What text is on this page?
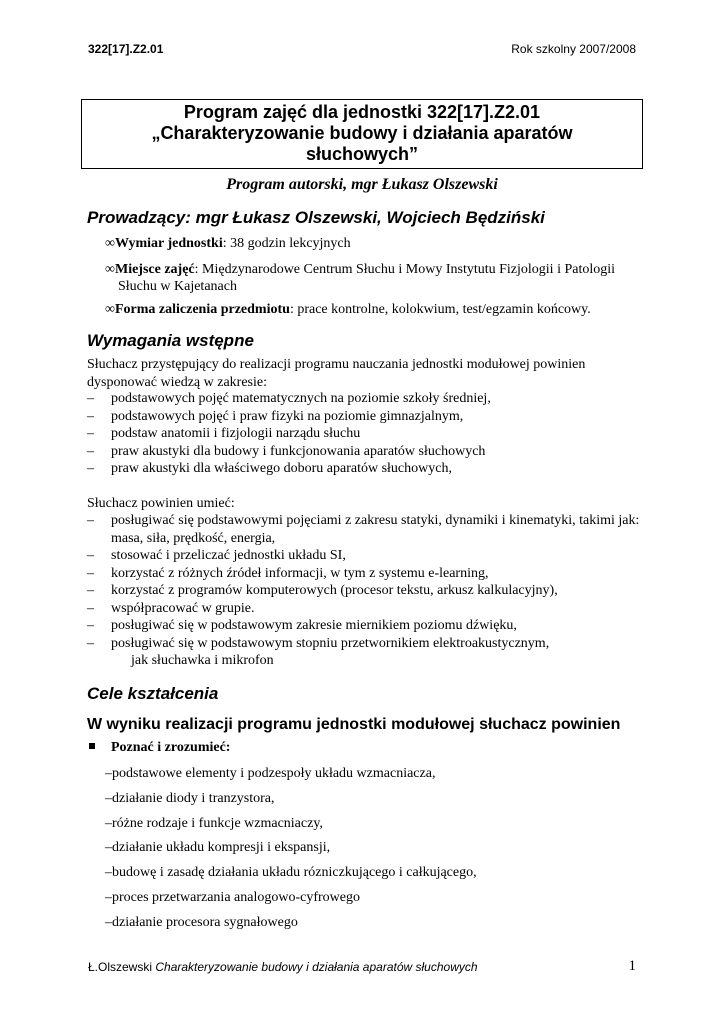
322[17].Z2.01	Rok szkolny 2007/2008
Program zajęć dla jednostki 322[17].Z2.01
„Charakteryzowanie budowy i działania aparatów
słuchowych”
Program autorski, mgr Łukasz Olszewski
Prowadzący: mgr Łukasz Olszewski, Wojciech Będziński
∞Wymiar jednostki: 38 godzin lekcyjnych
∞Miejsce zajęć: Międzynarodowe Centrum Słuchu i Mowy Instytutu Fizjologii i Patologii Słuchu w Kajetanach
∞Forma zaliczenia przedmiotu: prace kontrolne, kolokwium, test/egzamin końcowy.
Wymagania wstępne
Słuchacz przystępujący do realizacji programu nauczania jednostki modułowej powinien dysponować wiedzą w zakresie:
– podstawowych pojęć matematycznych na poziomie szkoły średniej,
– podstawowych pojęć i praw fizyki na poziomie gimnazjalnym,
– podstaw anatomii i fizjologii narządu słuchu
– praw akustyki dla budowy i funkcjonowania aparatów słuchowych
– praw akustyki dla właściwego doboru aparatów słuchowych,
Słuchacz powinien umieć:
– posługiwać się podstawowymi pojęciami z zakresu statyki, dynamiki i kinematyki, takimi jak: masa, siła, prędkość, energia,
– stosować i przeliczać jednostki układu SI,
– korzystać z różnych źródeł informacji, w tym z systemu e-learning,
– korzystać z programów komputerowych (procesor tekstu, arkusz kalkulacyjny),
– współpracować w grupie.
– posługiwać się w podstawowym zakresie miernikiem poziomu dźwięku,
– posługiwać się w podstawowym stopniu przetwornikiem elektroakustycznym,
jak słuchawka i mikrofon
Cele kształcenia
W wyniku realizacji programu jednostki modułowej słuchacz powinien
Poznać i zrozumieć:
–podstawowe elementy i podzespoły układu wzmacniacza,
–działanie diody i tranzystora,
–różne rodzaje i funkcje wzmacniaczy,
–działanie układu kompresji i ekspansji,
–budowę i zasadę działania układu rózniczkującego i całkującego,
–proces przetwarzania analogowo-cyfrowego
–działanie procesora sygnałowego
Ł.Olszewski Charakteryzowanie budowy i działania aparatów słuchowych	1
